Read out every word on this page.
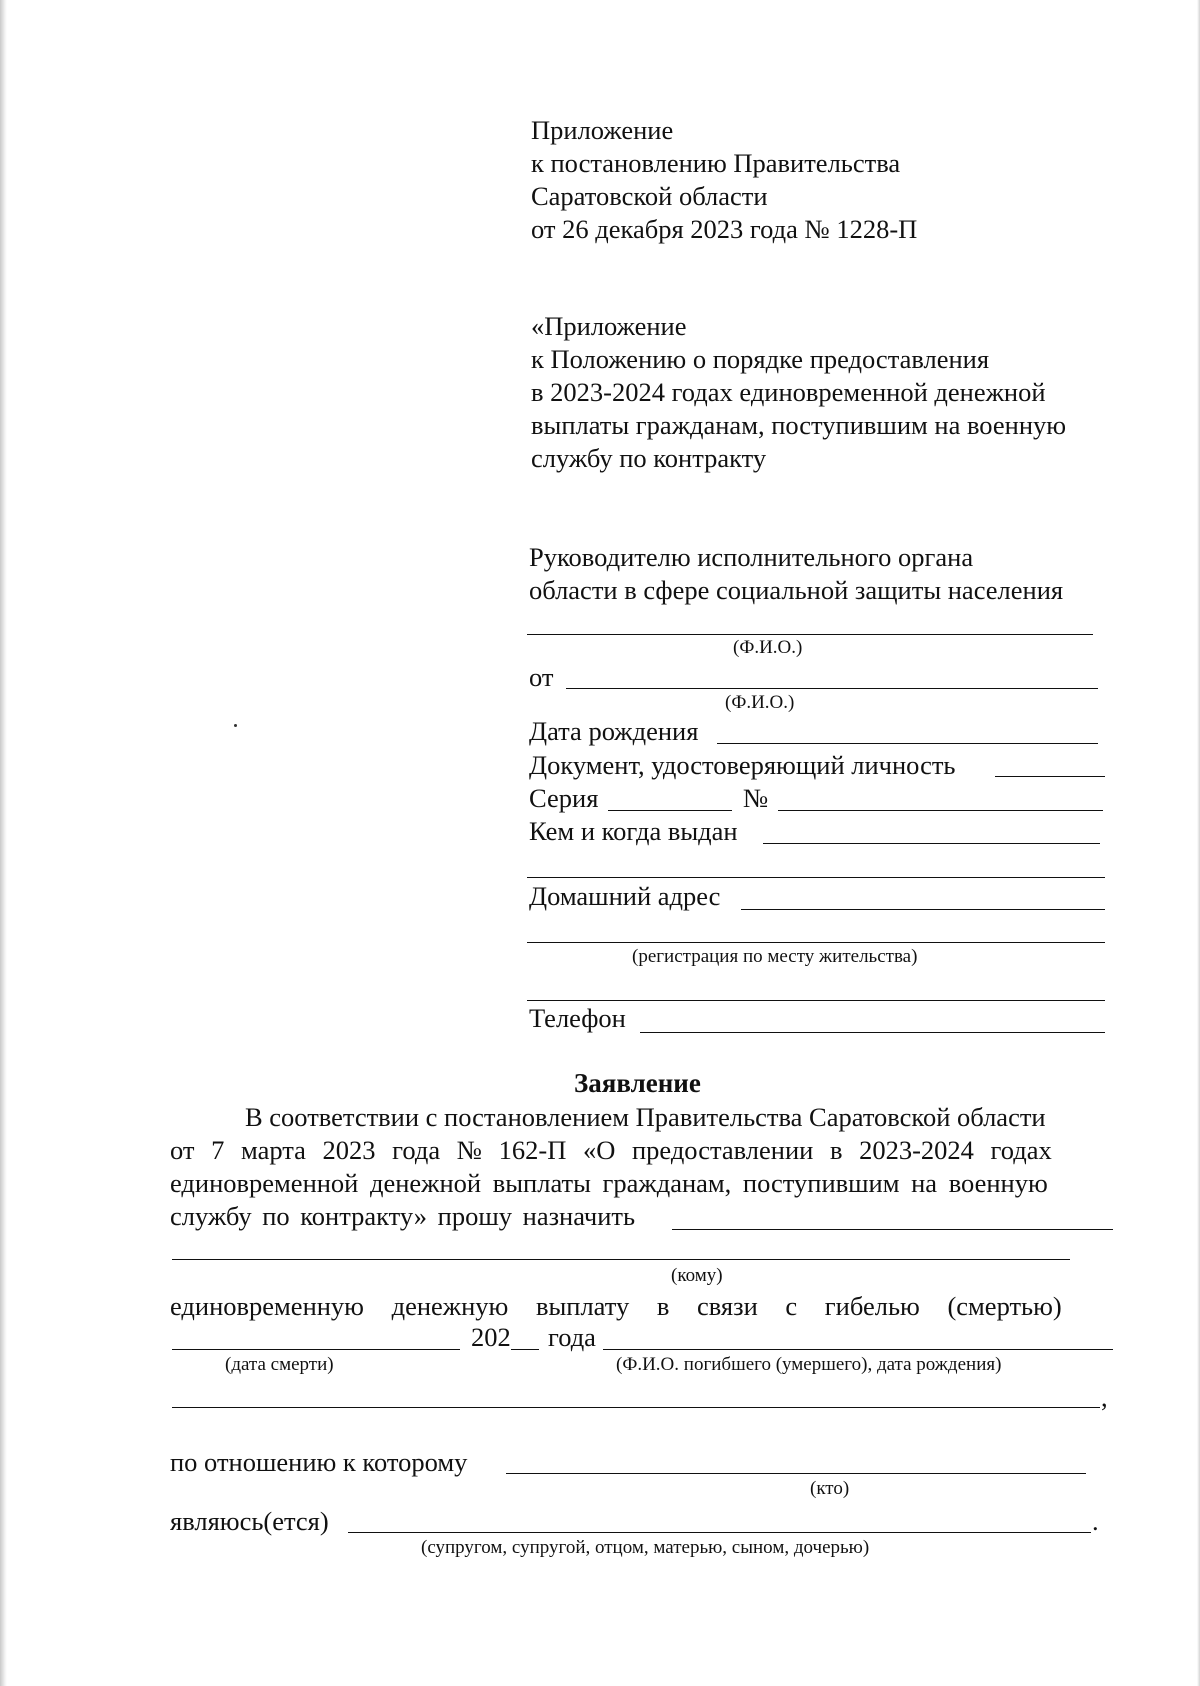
Приложение
к постановлению Правительства
Саратовской области
от 26 декабря 2023 года № 1228-П
«Приложение
к Положению о порядке предоставления
в 2023-2024 годах единовременной денежной
выплаты гражданам, поступившим на военную
службу по контракту
Руководителю исполнительного органа
области в сфере социальной защиты населения
(Ф.И.О.)
от
(Ф.И.О.)
Дата рождения
Документ, удостоверяющий личность
Серия	№
Кем и когда выдан
Домашний адрес
(регистрация по месту жительства)
Телефон
Заявление
В соответствии с постановлением Правительства Саратовской области
от 7 марта 2023 года № 162-П «О предоставлении в 2023-2024 годах
единовременной денежной выплаты гражданам, поступившим на военную
службу по контракту» прошу назначить
(кому)
единовременную денежную выплату в связи с гибелью (смертью)
202 года
(дата смерти)	(Ф.И.О. погибшего (умершего), дата рождения)
,
по отношению к которому
(кто)
являюсь(ется)	.
(супругом, супругой, отцом, матерью, сыном, дочерью)
